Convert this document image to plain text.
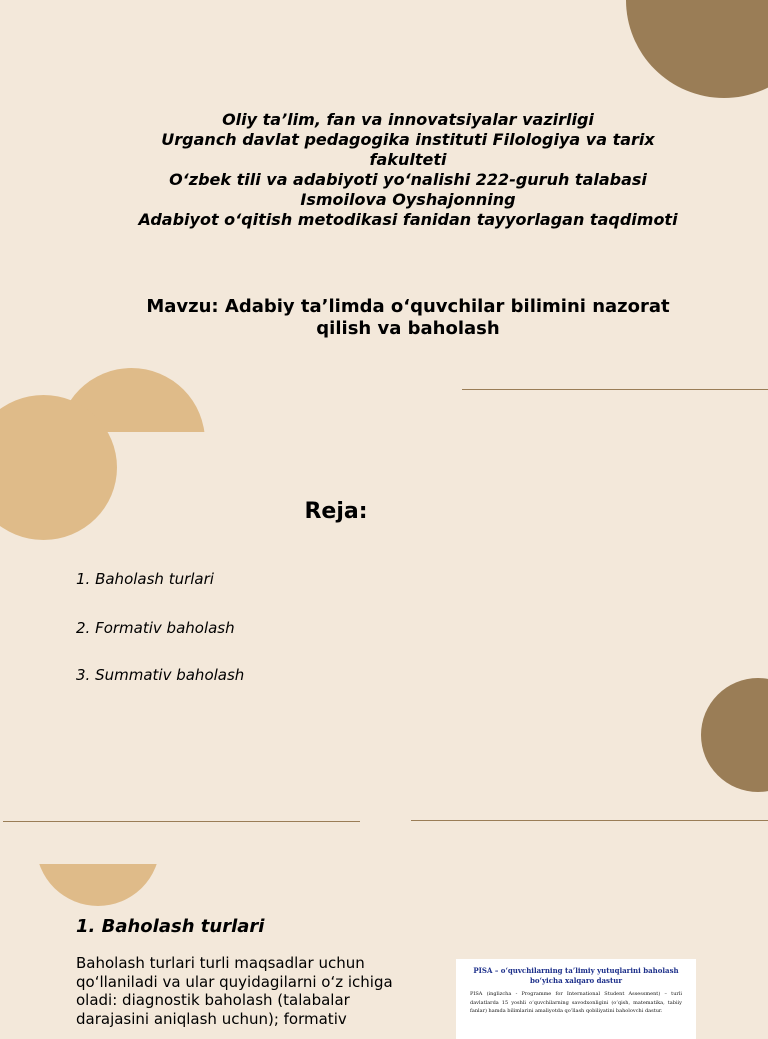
Oliy ta’lim, fan va innovatsiyalar vazirligi
Urganch davlat pedagogika instituti Filologiya va tarix fakulteti
O‘zbek tili va adabiyoti yo‘nalishi 222-guruh talabasi
Ismoilova Oyshajonning
Adabiyot o‘qitish metodikasi fanidan tayyorlagan taqdimoti
Mavzu: Adabiy ta’limda o‘quvchilar bilimini nazorat qilish va baholash
Reja:
1. Baholash turlari
2. Formativ baholash
3. Summativ baholash
1. Baholash turlari
Baholash turlari turli maqsadlar uchun qo‘llaniladi va ular quyidagilarni o‘z ichiga oladi: diagnostik baholash (talabalar darajasini aniqlash uchun); formativ
PISA – o‘quvchilarning ta’limiy yutuqlarini baholash bo‘yicha xalqaro dastur
PISA (inglizcha - Programme for International Student Assessment) – turli davlatlarda 15 yoshli o‘quvchilarning savodxonligini (o‘qish, matematika, tabiiy fanlar) hamda bilimlarini amaliyotda qo‘llash qobiliyatini baholovchi dastur.
